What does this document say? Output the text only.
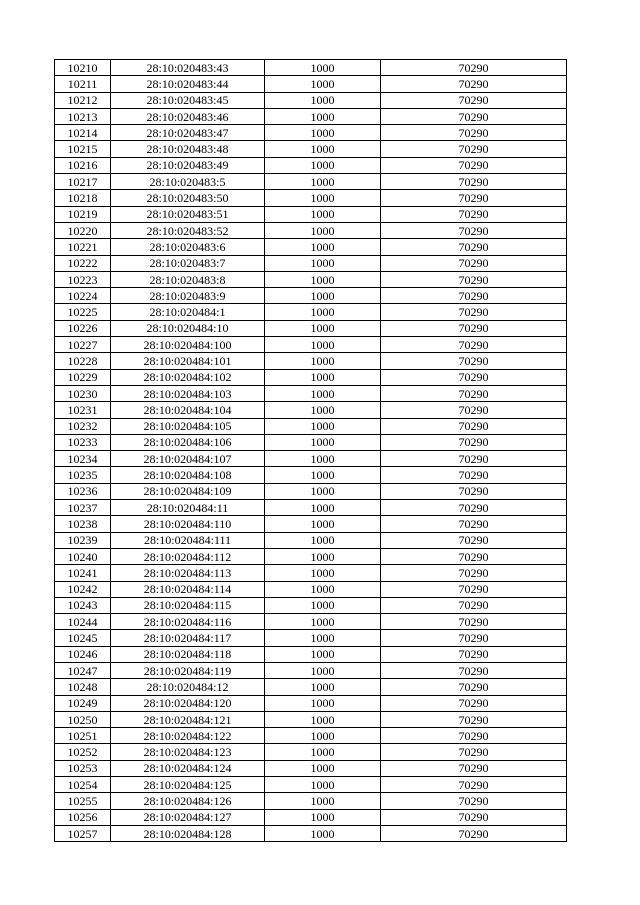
10210	28:10:020483:43	1000	70290
10211	28:10:020483:44	1000	70290
10212	28:10:020483:45	1000	70290
10213	28:10:020483:46	1000	70290
10214	28:10:020483:47	1000	70290
10215	28:10:020483:48	1000	70290
10216	28:10:020483:49	1000	70290
10217	28:10:020483:5	1000	70290
10218	28:10:020483:50	1000	70290
10219	28:10:020483:51	1000	70290
10220	28:10:020483:52	1000	70290
10221	28:10:020483:6	1000	70290
10222	28:10:020483:7	1000	70290
10223	28:10:020483:8	1000	70290
10224	28:10:020483:9	1000	70290
10225	28:10:020484:1	1000	70290
10226	28:10:020484:10	1000	70290
10227	28:10:020484:100	1000	70290
10228	28:10:020484:101	1000	70290
10229	28:10:020484:102	1000	70290
10230	28:10:020484:103	1000	70290
10231	28:10:020484:104	1000	70290
10232	28:10:020484:105	1000	70290
10233	28:10:020484:106	1000	70290
10234	28:10:020484:107	1000	70290
10235	28:10:020484:108	1000	70290
10236	28:10:020484:109	1000	70290
10237	28:10:020484:11	1000	70290
10238	28:10:020484:110	1000	70290
10239	28:10:020484:111	1000	70290
10240	28:10:020484:112	1000	70290
10241	28:10:020484:113	1000	70290
10242	28:10:020484:114	1000	70290
10243	28:10:020484:115	1000	70290
10244	28:10:020484:116	1000	70290
10245	28:10:020484:117	1000	70290
10246	28:10:020484:118	1000	70290
10247	28:10:020484:119	1000	70290
10248	28:10:020484:12	1000	70290
10249	28:10:020484:120	1000	70290
10250	28:10:020484:121	1000	70290
10251	28:10:020484:122	1000	70290
10252	28:10:020484:123	1000	70290
10253	28:10:020484:124	1000	70290
10254	28:10:020484:125	1000	70290
10255	28:10:020484:126	1000	70290
10256	28:10:020484:127	1000	70290
10257	28:10:020484:128	1000	70290
